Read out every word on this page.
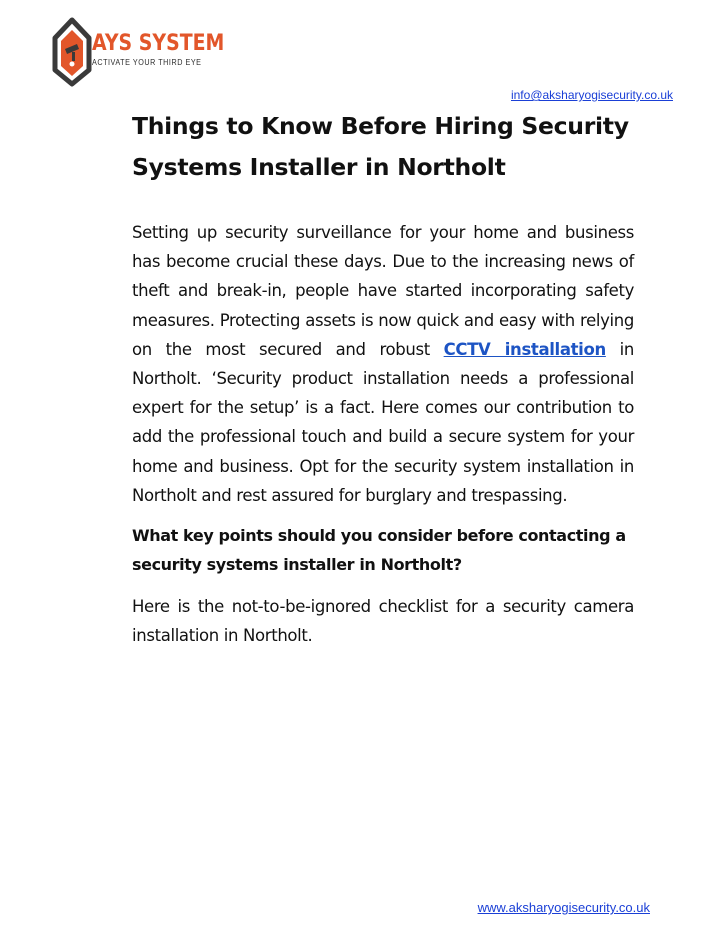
AYS SYSTEM
ACTIVATE YOUR THIRD EYE
info@aksharyogisecurity.co.uk
Things to Know Before Hiring Security Systems Installer in Northolt

Setting up security surveillance for your home and business has become crucial these days. Due to the increasing news of theft and break-in, people have started incorporating safety measures. Protecting assets is now quick and easy with relying on the most secured and robust CCTV installation in Northolt. ‘Security product installation needs a professional expert for the setup’ is a fact. Here comes our contribution to add the professional touch and build a secure system for your home and business. Opt for the security system installation in Northolt and rest assured for burglary and trespassing.

What key points should you consider before contacting a security systems installer in Northolt?

Here is the not-to-be-ignored checklist for a security camera installation in Northolt.

www.aksharyogisecurity.co.uk
